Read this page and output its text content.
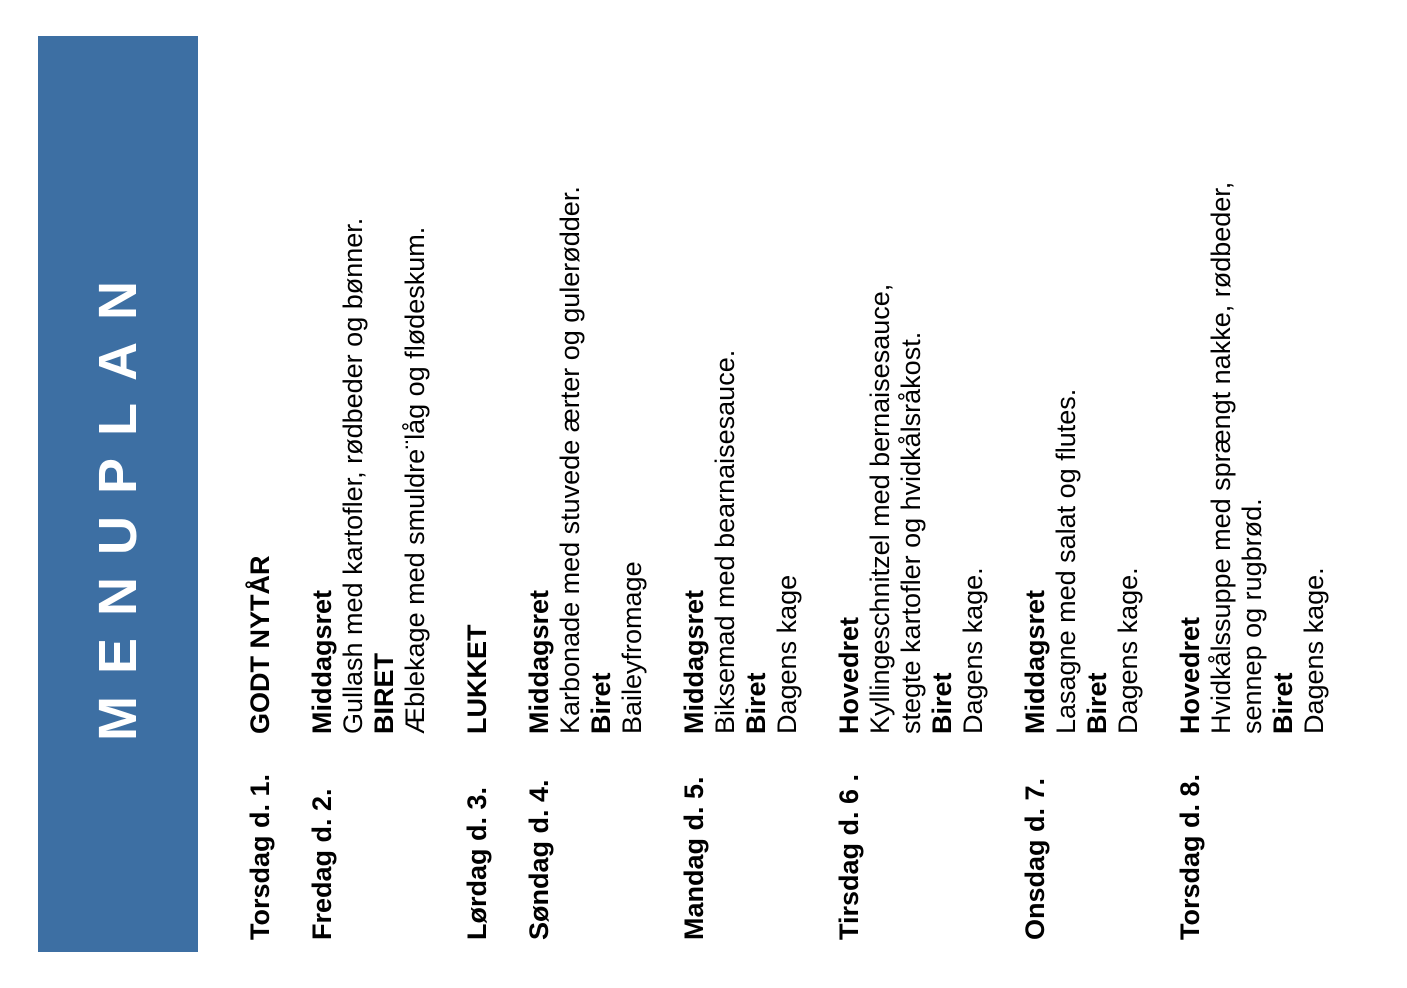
MENUPLAN
Torsdag d. 1.
GODT NYTÅR
Fredag d. 2.
Middagsret Gullash med kartofler, rødbeder og bønner. BIRET Æblekage med smuldre¨låg og flødeskum.
Lørdag d. 3.
LUKKET
Søndag d. 4.
Middagsret Karbonade med stuvede ærter og gulerødder. Biret Baileyfromage
Mandag d. 5.
Middagsret Biksemad med bearnaisesauce. Biret Dagens kage
Tirsdag d. 6 .
Hovedret Kyllingeschnitzel med bernaisesauce, stegte kartofler og hvidkålsråkost. Biret Dagens kage.
Onsdag d. 7.
Middagsret Lasagne med salat og flutes. Biret Dagens kage.
Torsdag d. 8.
Hovedret Hvidkålssuppe med sprængt nakke, rødbeder, sennep og rugbrød. Biret Dagens kage.
